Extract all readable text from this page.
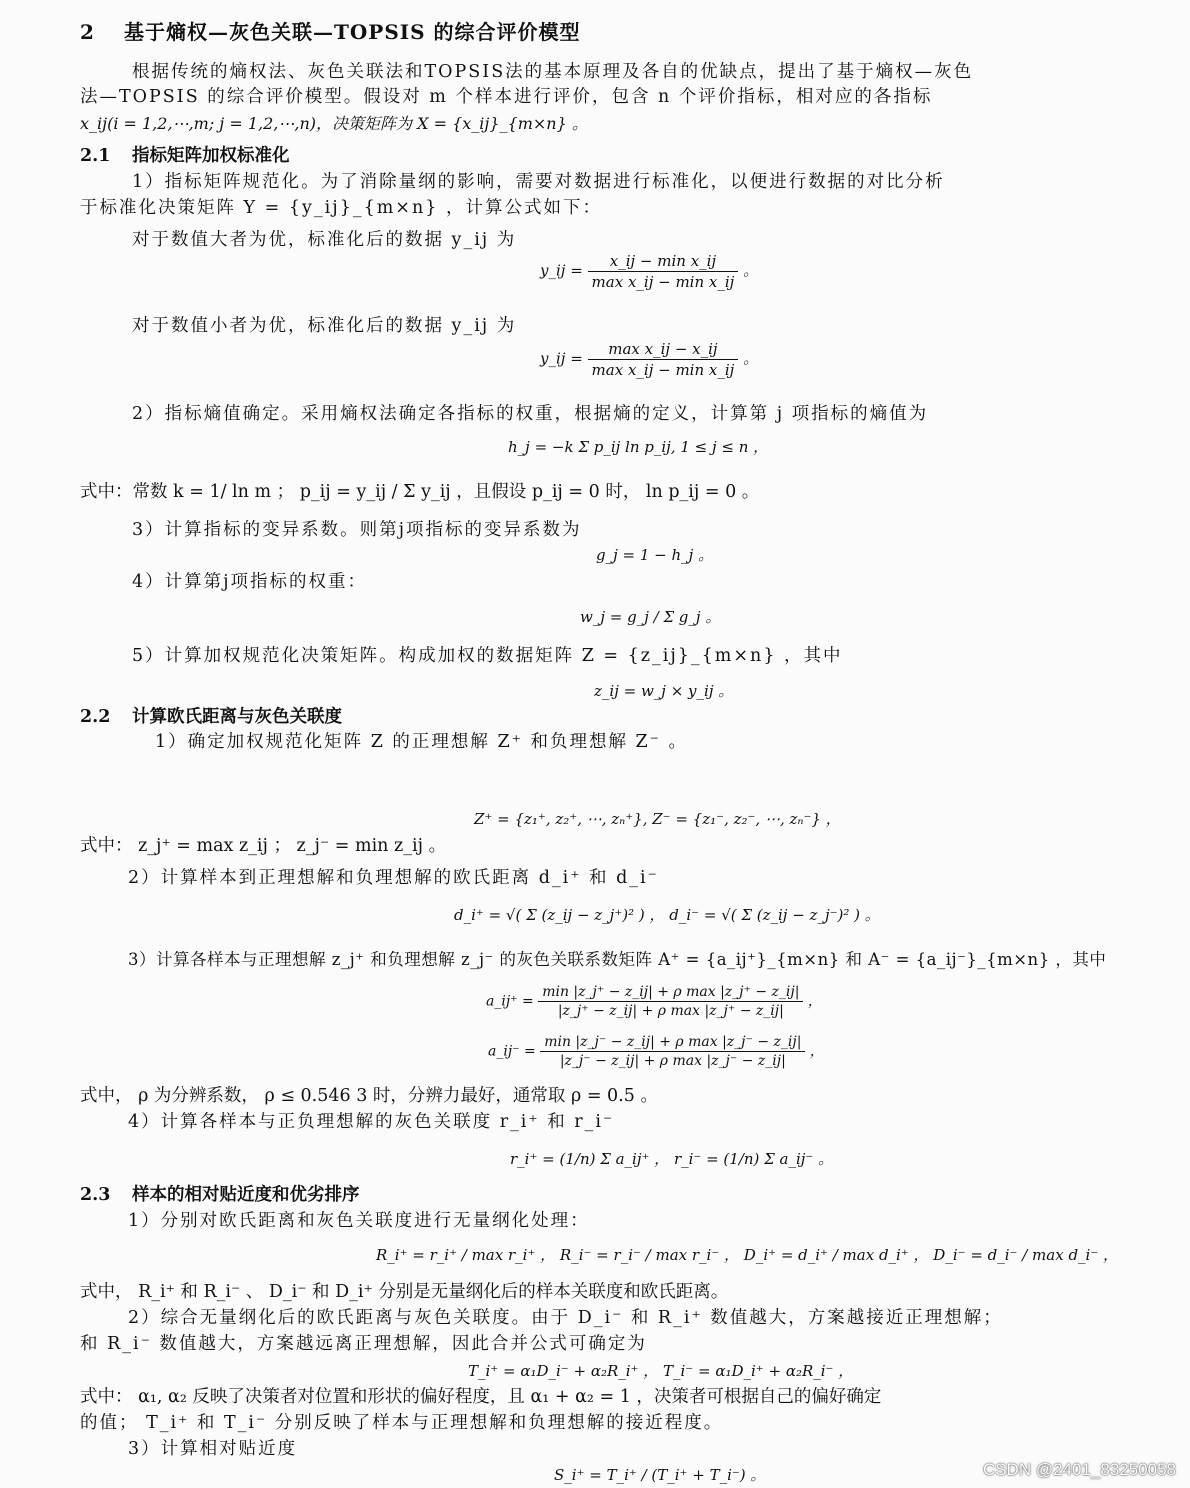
2 基于熵权—灰色关联—TOPSIS 的综合评价模型
根据传统的熵权法、灰色关联法和TOPSIS法的基本原理及各自的优缺点，提出了基于熵权—灰色
法—TOPSIS 的综合评价模型。假设对 m 个样本进行评价，包含 n 个评价指标，相对应的各指标
x_ij(i = 1,2,⋯,m; j = 1,2,⋯,n)，决策矩阵为 X = {x_ij}_{m×n} 。
2.1 指标矩阵加权标准化
1）指标矩阵规范化。为了消除量纲的影响，需要对数据进行标准化，以便进行数据的对比分析
于标准化决策矩阵 Y = {y_ij}_{m×n} ，计算公式如下：
对于数值大者为优，标准化后的数据 y_ij 为
y_ij = $\frac{\text{x\_ij − min x\_ij}}{\text{max x\_ij − min x\_ij}}$ 。
对于数值小者为优，标准化后的数据 y_ij 为
y_ij = $\frac{\text{max x\_ij − x\_ij}}{\text{max x\_ij − min x\_ij}}$ 。
2）指标熵值确定。采用熵权法确定各指标的权重，根据熵的定义，计算第 j 项指标的熵值为
h_j = −k Σ p_ij ln p_ij, 1 ≤ j ≤ n ，
式中：常数 k = 1/ ln m ； p_ij = y_ij / Σ y_ij ，且假设 p_ij = 0 时， ln p_ij = 0 。
3）计算指标的变异系数。则第j项指标的变异系数为
g_j = 1 − h_j 。
4）计算第j项指标的权重：
w_j = g_j / Σ g_j 。
5）计算加权规范化决策矩阵。构成加权的数据矩阵 Z = {z_ij}_{m×n} ，其中
z_ij = w_j × y_ij 。
2.2 计算欧氏距离与灰色关联度
1）确定加权规范化矩阵 Z 的正理想解 Z⁺ 和负理想解 Z⁻ 。
Z⁺ = {z₁⁺, z₂⁺, ⋯, zₙ⁺}, Z⁻ = {z₁⁻, z₂⁻, ⋯, zₙ⁻} ，
式中： z_j⁺ = max z_ij ； z_j⁻ = min z_ij 。
2）计算样本到正理想解和负理想解的欧氏距离 d_i⁺ 和 d_i⁻
d_i⁺ = √( Σ (z_ij − z_j⁺)² ) ， d_i⁻ = √( Σ (z_ij − z_j⁻)² ) 。
3）计算各样本与正理想解 z_j⁺ 和负理想解 z_j⁻ 的灰色关联系数矩阵 A⁺ = {a_ij⁺}_{m×n} 和 A⁻ = {a_ij⁻}_{m×n} ，其中
a_ij⁺ = $\frac{\text{min |z\_j⁺ − z\_ij| + ρ max |z\_j⁺ − z\_ij|}}{\text{|z\_j⁺ − z\_ij| + ρ max |z\_j⁺ − z\_ij|}}$ ，
a_ij⁻ = $\frac{\text{min |z\_j⁻ − z\_ij| + ρ max |z\_j⁻ − z\_ij|}}{\text{|z\_j⁻ − z\_ij| + ρ max |z\_j⁻ − z\_ij|}}$ ，
式中， ρ 为分辨系数， ρ ≤ 0.546 3 时，分辨力最好，通常取 ρ = 0.5 。
4）计算各样本与正负理想解的灰色关联度 r_i⁺ 和 r_i⁻
r_i⁺ = (1/n) Σ a_ij⁺ ， r_i⁻ = (1/n) Σ a_ij⁻ 。
2.3 样本的相对贴近度和优劣排序
1）分别对欧氏距离和灰色关联度进行无量纲化处理：
R_i⁺ = r_i⁺ / max r_i⁺ ， R_i⁻ = r_i⁻ / max r_i⁻ ， D_i⁺ = d_i⁺ / max d_i⁺ ， D_i⁻ = d_i⁻ / max d_i⁻ ，
式中， R_i⁺ 和 R_i⁻ 、 D_i⁻ 和 D_i⁺ 分别是无量纲化后的样本关联度和欧氏距离。
2）综合无量纲化后的欧氏距离与灰色关联度。由于 D_i⁻ 和 R_i⁺ 数值越大，方案越接近正理想解；
和 R_i⁻ 数值越大，方案越远离正理想解，因此合并公式可确定为
T_i⁺ = α₁D_i⁻ + α₂R_i⁺ ， T_i⁻ = α₁D_i⁺ + α₂R_i⁻ ，
式中： α₁, α₂ 反映了决策者对位置和形状的偏好程度，且 α₁ + α₂ = 1 ，决策者可根据自己的偏好确定
的值； T_i⁺ 和 T_i⁻ 分别反映了样本与正理想解和负理想解的接近程度。
3）计算相对贴近度
S_i⁺ = T_i⁺ / (T_i⁺ + T_i⁻) 。	CSDN @2401_83250058
